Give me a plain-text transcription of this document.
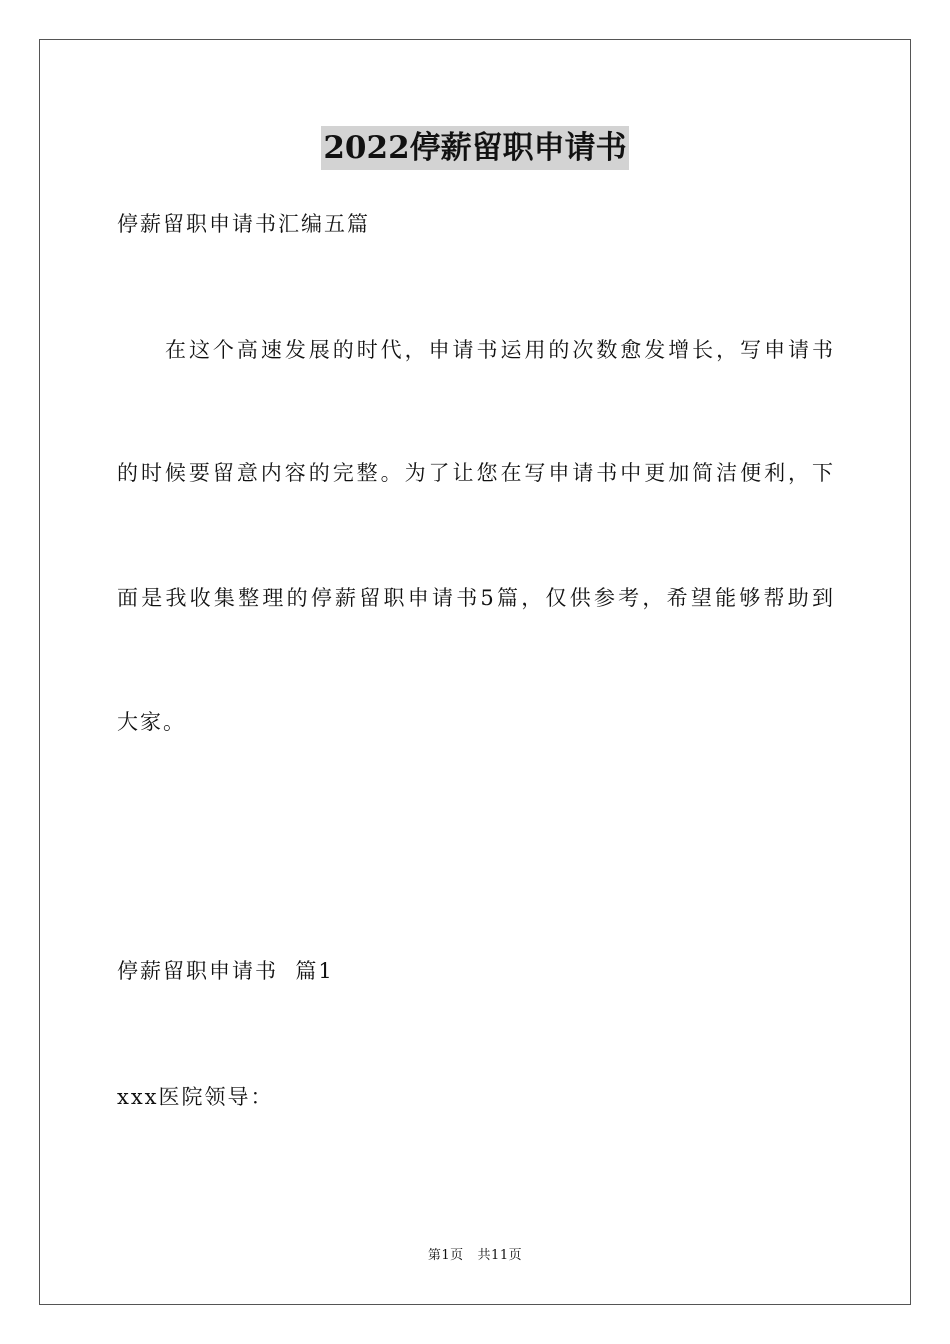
2022停薪留职申请书
停薪留职申请书汇编五篇
在这个高速发展的时代，申请书运用的次数愈发增长，写申请书
的时候要留意内容的完整。为了让您在写申请书中更加简洁便利，下
面是我收集整理的停薪留职申请书5篇，仅供参考，希望能够帮助到
大家。
停薪留职申请书  篇1
xxx医院领导：
第1页   共11页
